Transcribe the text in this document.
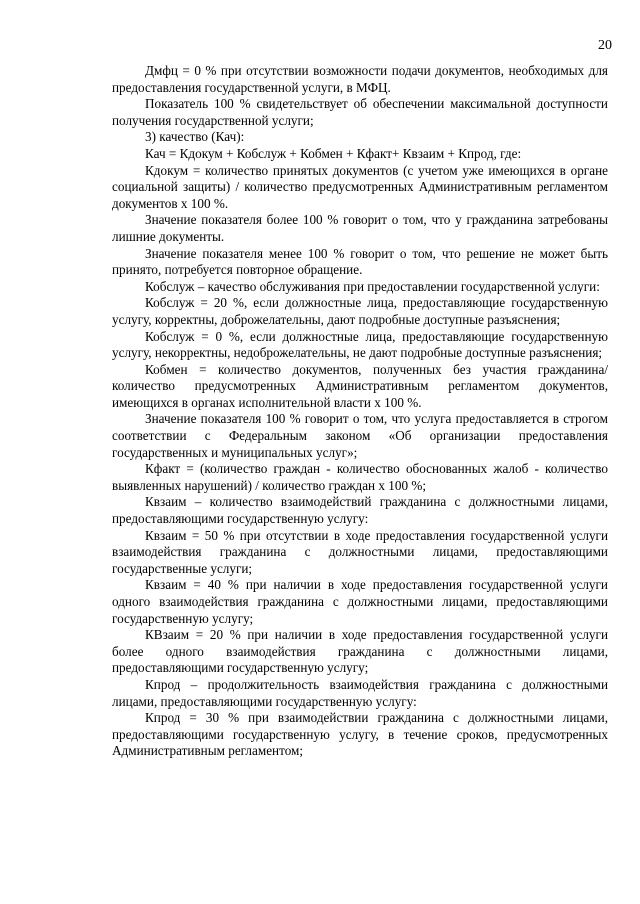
20

Дмфц = 0 % при отсутствии возможности подачи документов, необходимых для предоставления государственной услуги, в МФЦ.

Показатель 100 % свидетельствует об обеспечении максимальной доступности получения государственной услуги;

3) качество (Кач):

Кач = Кдокум + Кобслуж + Кобмен + Кфакт+ Квзаим + Кпрод, где:

Кдокум = количество принятых документов (с учетом уже имеющихся в органе социальной защиты) / количество предусмотренных Административным регламентом документов х 100 %.

Значение показателя более 100 % говорит о том, что у гражданина затребованы лишние документы.

Значение показателя менее 100 % говорит о том, что решение не может быть принято, потребуется повторное обращение.

Кобслуж – качество обслуживания при предоставлении государственной услуги:

Кобслуж = 20 %, если должностные лица, предоставляющие государственную услугу, корректны, доброжелательны, дают подробные доступные разъяснения;

Кобслуж = 0 %, если должностные лица, предоставляющие государственную услугу, некорректны, недоброжелательны, не дают подробные доступные разъяснения;

Кобмен = количество документов, полученных без участия гражданина/ количество предусмотренных Административным регламентом документов, имеющихся в органах исполнительной власти х 100 %.

Значение показателя 100 % говорит о том, что услуга предоставляется в строгом соответствии с Федеральным законом «Об организации предоставления государственных и муниципальных услуг»;

Кфакт = (количество граждан - количество обоснованных жалоб - количество выявленных нарушений) / количество граждан х 100 %;

Квзаим – количество взаимодействий гражданина с должностными лицами, предоставляющими государственную услугу:

Квзаим = 50 % при отсутствии в ходе предоставления государственной услуги взаимодействия гражданина с должностными лицами, предоставляющими государственные услуги;

Квзаим = 40 % при наличии в ходе предоставления государственной услуги одного взаимодействия гражданина с должностными лицами, предоставляющими государственную услугу;

КВзаим = 20 % при наличии в ходе предоставления государственной услуги более одного взаимодействия гражданина с должностными лицами, предоставляющими государственную услугу;

Кпрод – продолжительность взаимодействия гражданина с должностными лицами, предоставляющими государственную услугу:

Кпрод = 30 % при взаимодействии гражданина с должностными лицами, предоставляющими государственную услугу, в течение сроков, предусмотренных Административным регламентом;
